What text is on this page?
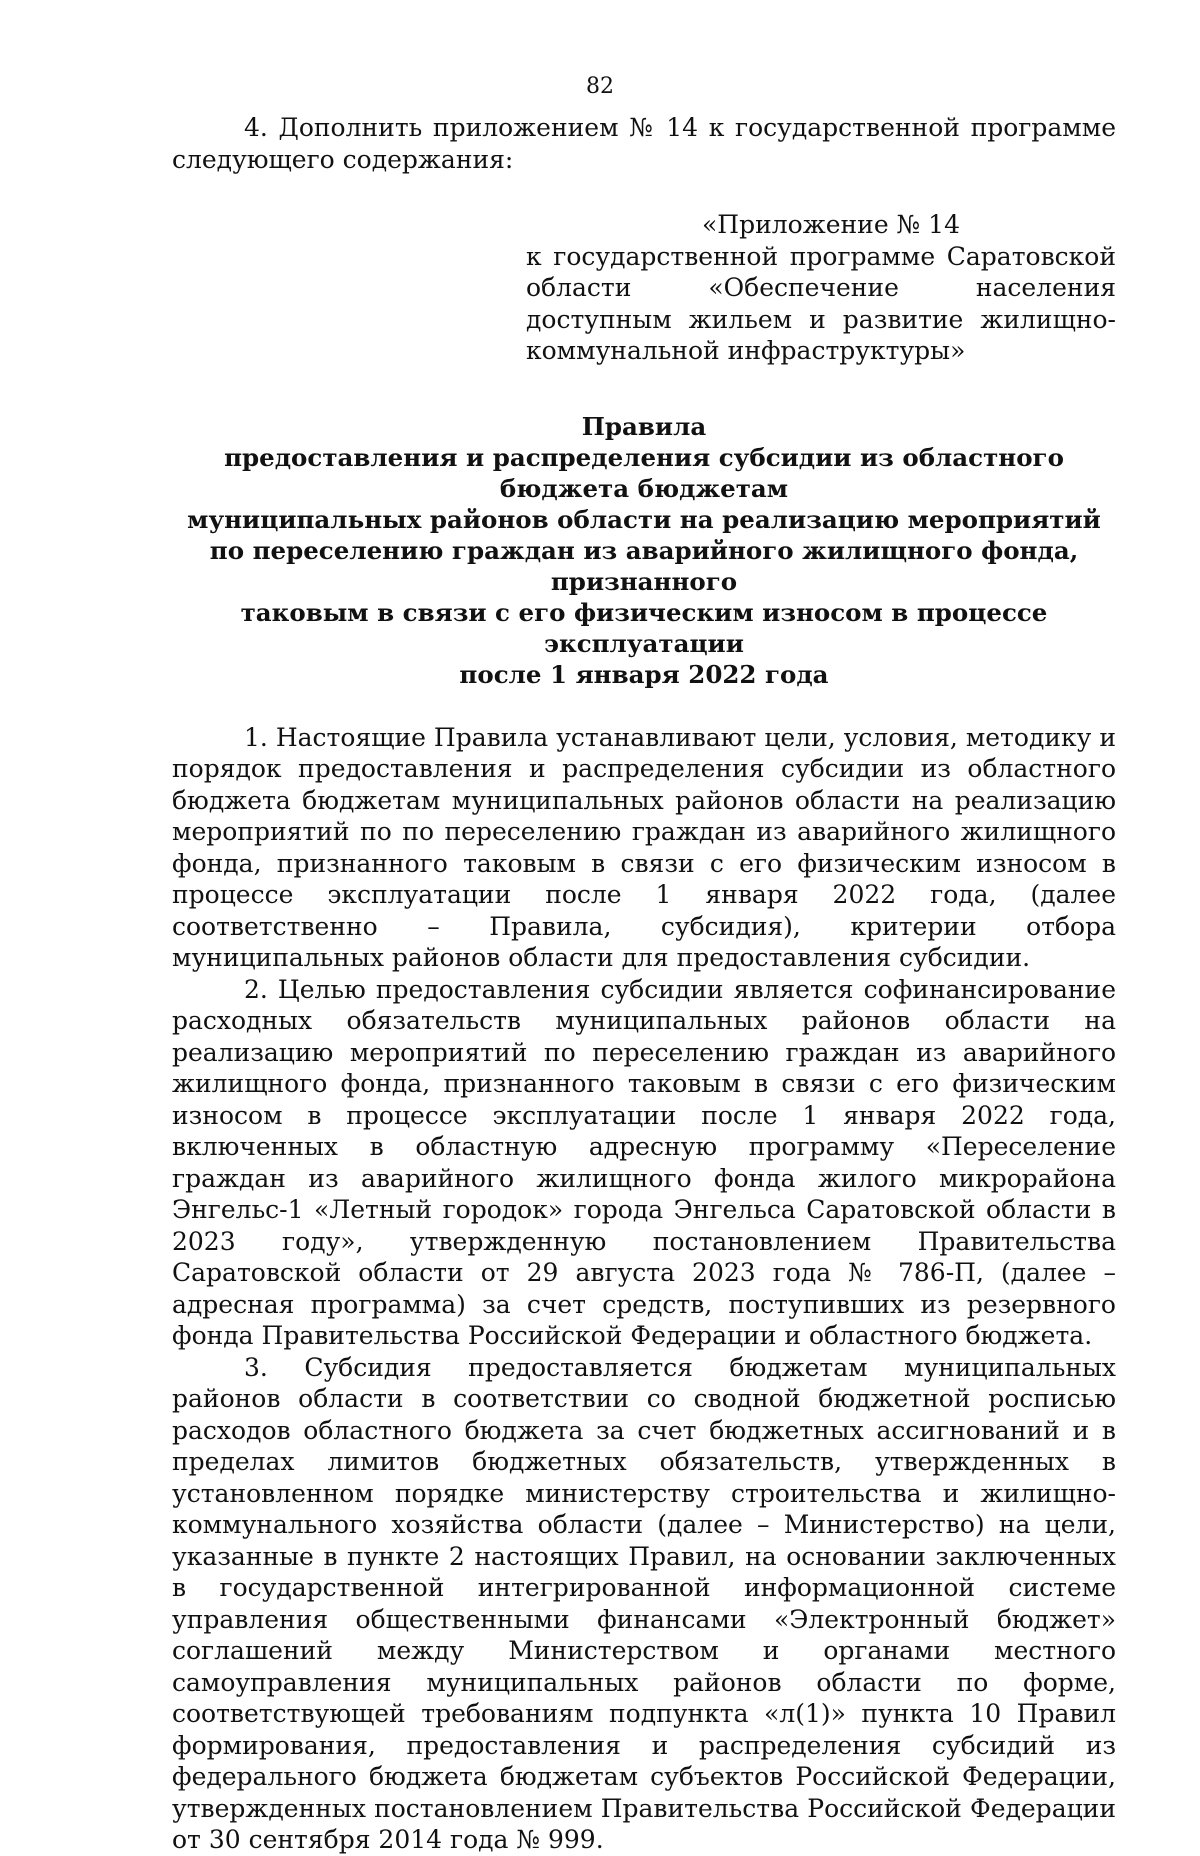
82

4. Дополнить приложением № 14 к государственной программе следующего содержания:

«Приложение № 14
к государственной программе Саратовской области «Обеспечение населения доступным жильем и развитие жилищно-коммунальной инфраструктуры»
Правила
предоставления и распределения субсидии из областного бюджета бюджетам
муниципальных районов области на реализацию мероприятий
по переселению граждан из аварийного жилищного фонда, признанного
таковым в связи с его физическим износом в процессе эксплуатации
после 1 января 2022 года

1. Настоящие Правила устанавливают цели, условия, методику и порядок предоставления и распределения субсидии из областного бюджета бюджетам муниципальных районов области на реализацию мероприятий по по переселению граждан из аварийного жилищного фонда, признанного таковым в связи с его физическим износом в процессе эксплуатации после 1 января 2022 года, (далее соответственно – Правила, субсидия), критерии отбора муниципальных районов области для предоставления субсидии.

2. Целью предоставления субсидии является софинансирование расходных обязательств муниципальных районов области на реализацию мероприятий по переселению граждан из аварийного жилищного фонда, признанного таковым в связи с его физическим износом в процессе эксплуатации после 1 января 2022 года, включенных в областную адресную программу «Переселение граждан из аварийного жилищного фонда жилого микрорайона Энгельс-1 «Летный городок» города Энгельса Саратовской области в 2023 году», утвержденную постановлением Правительства Саратовской области от 29 августа 2023 года № 786-П, (далее – адресная программа) за счет средств, поступивших из резервного фонда Правительства Российской Федерации и областного бюджета.

3. Субсидия предоставляется бюджетам муниципальных районов области в соответствии со сводной бюджетной росписью расходов областного бюджета за счет бюджетных ассигнований и в пределах лимитов бюджетных обязательств, утвержденных в установленном порядке министерству строительства и жилищно-коммунального хозяйства области (далее – Министерство) на цели, указанные в пункте 2 настоящих Правил, на основании заключенных в государственной интегрированной информационной системе управления общественными финансами «Электронный бюджет» соглашений между Министерством и органами местного самоуправления муниципальных районов области по форме, соответствующей требованиям подпункта «л(1)» пункта 10 Правил формирования, предоставления и распределения субсидий из федерального бюджета бюджетам субъектов Российской Федерации, утвержденных постановлением Правительства Российской Федерации от 30 сентября 2014 года № 999.
